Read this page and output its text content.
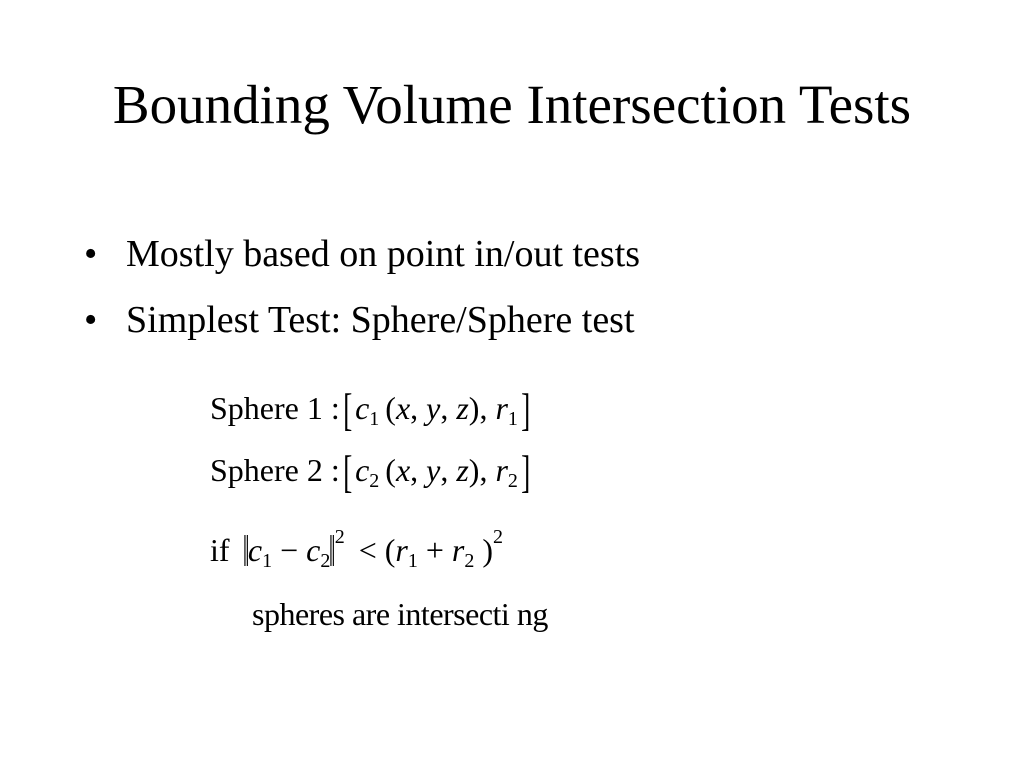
Bounding Volume Intersection Tests
• Mostly based on point in/out tests
• Simplest Test: Sphere/Sphere test
Sphere 1 $:[c_1$ (x, y, z), $r_1$]
Sphere 2 $:[c_2$ (x, y, z), $r_2$]
if $‖c_1$ − $c_2‖^2 < (r_1 + r_2$ )$^2$
spheres are intersecti ng
